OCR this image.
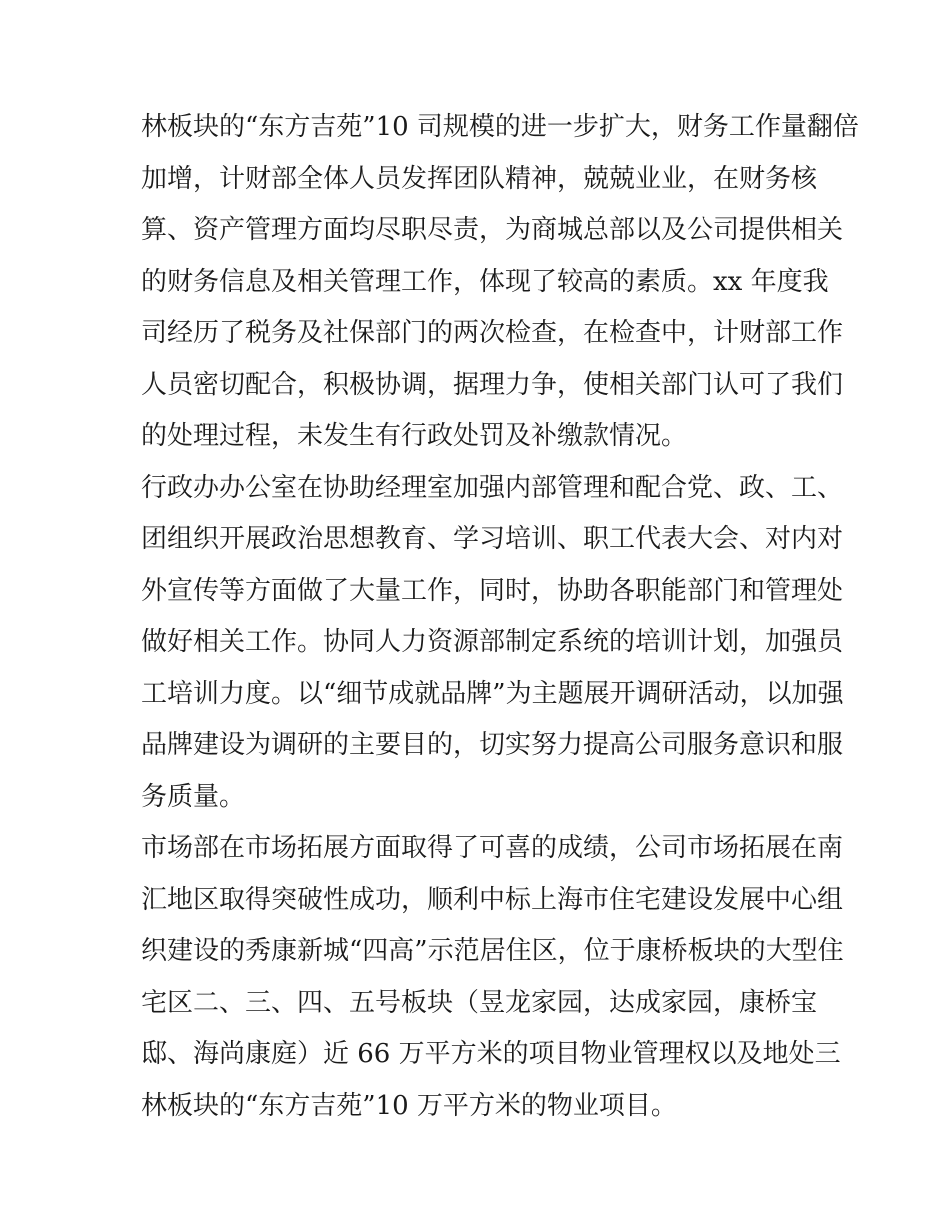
林板块的“东方吉苑”10 司规模的进一步扩大，财务工作量翻倍
加增，计财部全体人员发挥团队精神，兢兢业业，在财务核
算、资产管理方面均尽职尽责，为商城总部以及公司提供相关
的财务信息及相关管理工作，体现了较高的素质。xx 年度我
司经历了税务及社保部门的两次检查，在检查中，计财部工作
人员密切配合，积极协调，据理力争，使相关部门认可了我们
的处理过程，未发生有行政处罚及补缴款情况。
行政办办公室在协助经理室加强内部管理和配合党、政、工、
团组织开展政治思想教育、学习培训、职工代表大会、对内对
外宣传等方面做了大量工作，同时，协助各职能部门和管理处
做好相关工作。协同人力资源部制定系统的培训计划，加强员
工培训力度。以“细节成就品牌”为主题展开调研活动，以加强
品牌建设为调研的主要目的，切实努力提高公司服务意识和服
务质量。
市场部在市场拓展方面取得了可喜的成绩，公司市场拓展在南
汇地区取得突破性成功，顺利中标上海市住宅建设发展中心组
织建设的秀康新城“四高”示范居住区，位于康桥板块的大型住
宅区二、三、四、五号板块（昱龙家园，达成家园，康桥宝
邸、海尚康庭）近 66 万平方米的项目物业管理权以及地处三
林板块的“东方吉苑”10 万平方米的物业项目。
